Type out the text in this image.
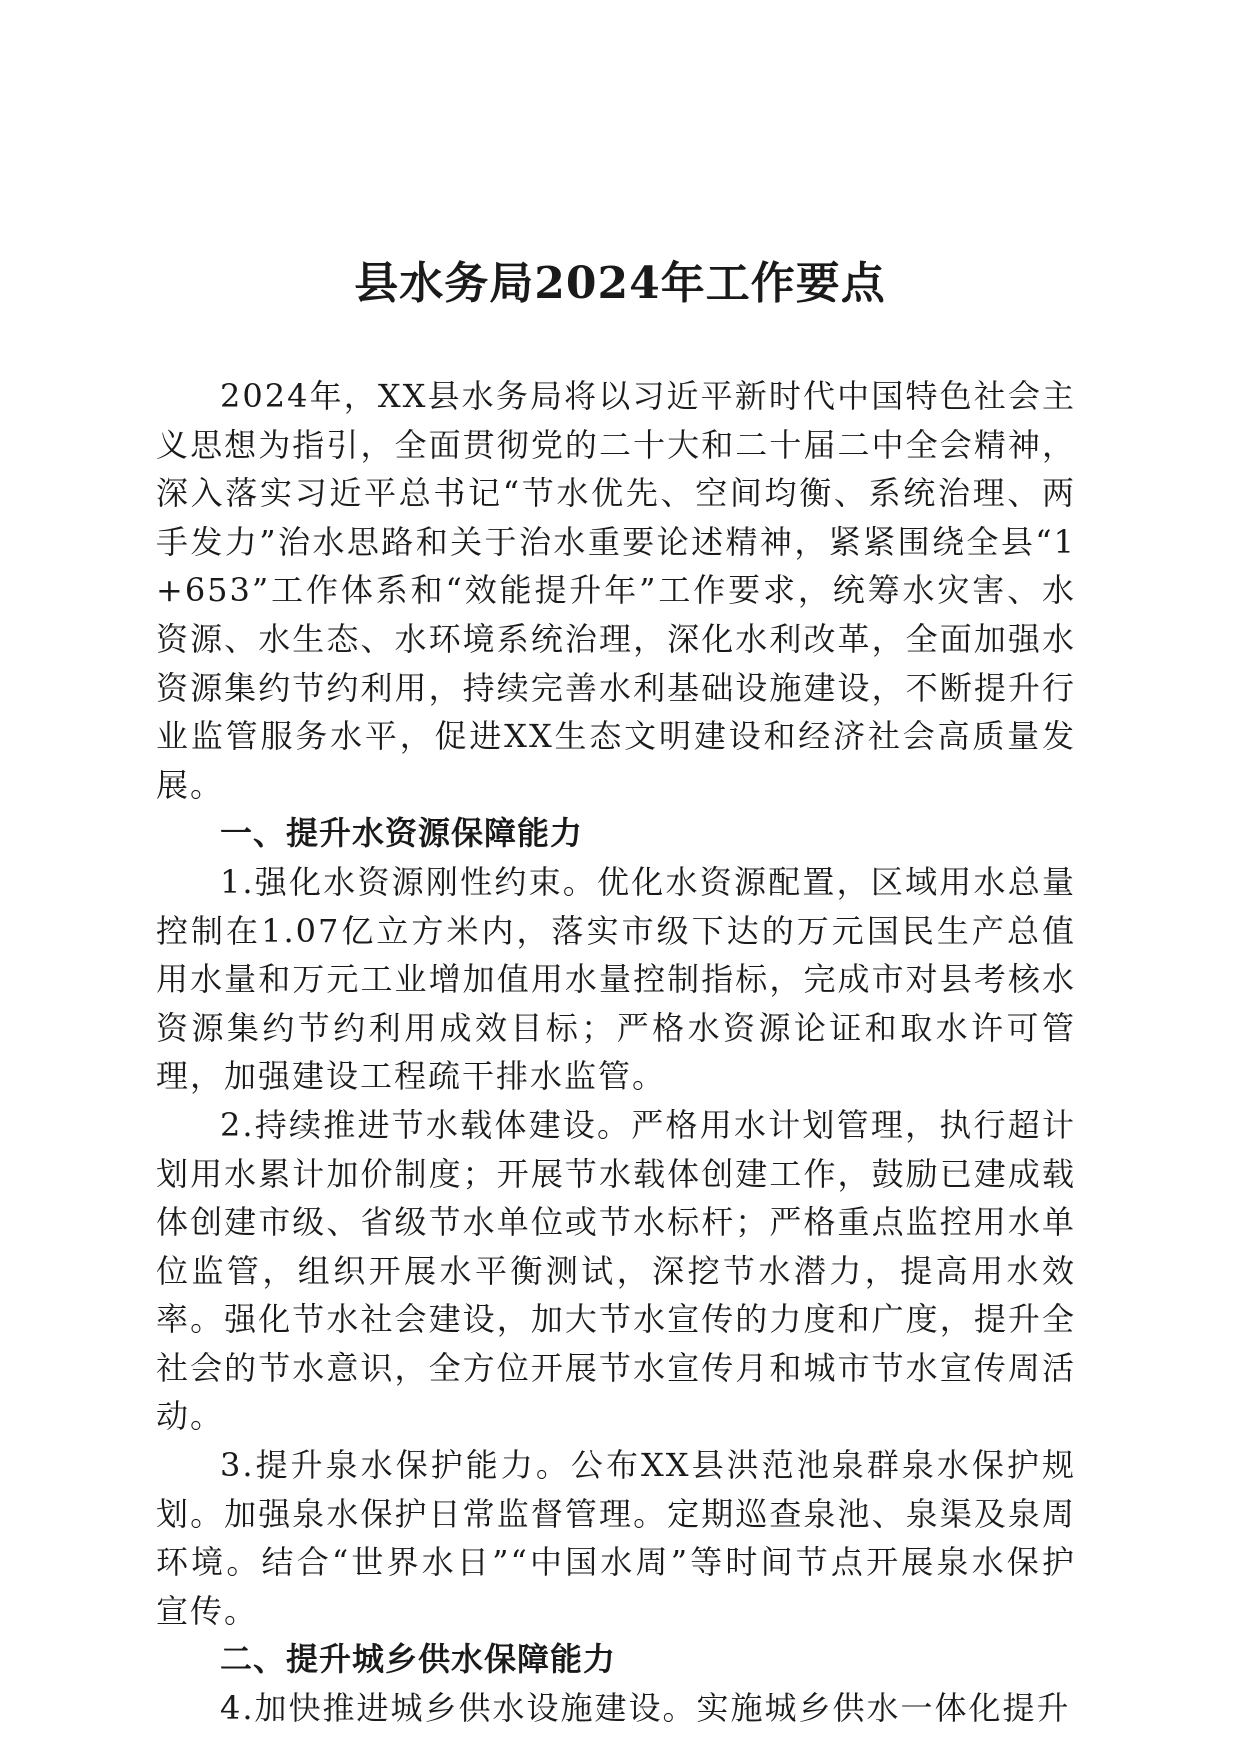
县水务局2024年工作要点

2024年，XX县水务局将以习近平新时代中国特色社会主义思想为指引，全面贯彻党的二十大和二十届二中全会精神，深入落实习近平总书记“节水优先、空间均衡、系统治理、两手发力”治水思路和关于治水重要论述精神，紧紧围绕全县“1+653”工作体系和“效能提升年”工作要求，统筹水灾害、水资源、水生态、水环境系统治理，深化水利改革，全面加强水资源集约节约利用，持续完善水利基础设施建设，不断提升行业监管服务水平，促进XX生态文明建设和经济社会高质量发展。

一、提升水资源保障能力

1.强化水资源刚性约束。优化水资源配置，区域用水总量控制在1.07亿立方米内，落实市级下达的万元国民生产总值用水量和万元工业增加值用水量控制指标，完成市对县考核水资源集约节约利用成效目标；严格水资源论证和取水许可管理，加强建设工程疏干排水监管。

2.持续推进节水载体建设。严格用水计划管理，执行超计划用水累计加价制度；开展节水载体创建工作，鼓励已建成载体创建市级、省级节水单位或节水标杆；严格重点监控用水单位监管，组织开展水平衡测试，深挖节水潜力，提高用水效率。强化节水社会建设，加大节水宣传的力度和广度，提升全社会的节水意识，全方位开展节水宣传月和城市节水宣传周活动。

3.提升泉水保护能力。公布XX县洪范池泉群泉水保护规划。加强泉水保护日常监督管理。定期巡查泉池、泉渠及泉周环境。结合“世界水日”“中国水周”等时间节点开展泉水保护宣传。

二、提升城乡供水保障能力

4.加快推进城乡供水设施建设。实施城乡供水一体化提升
